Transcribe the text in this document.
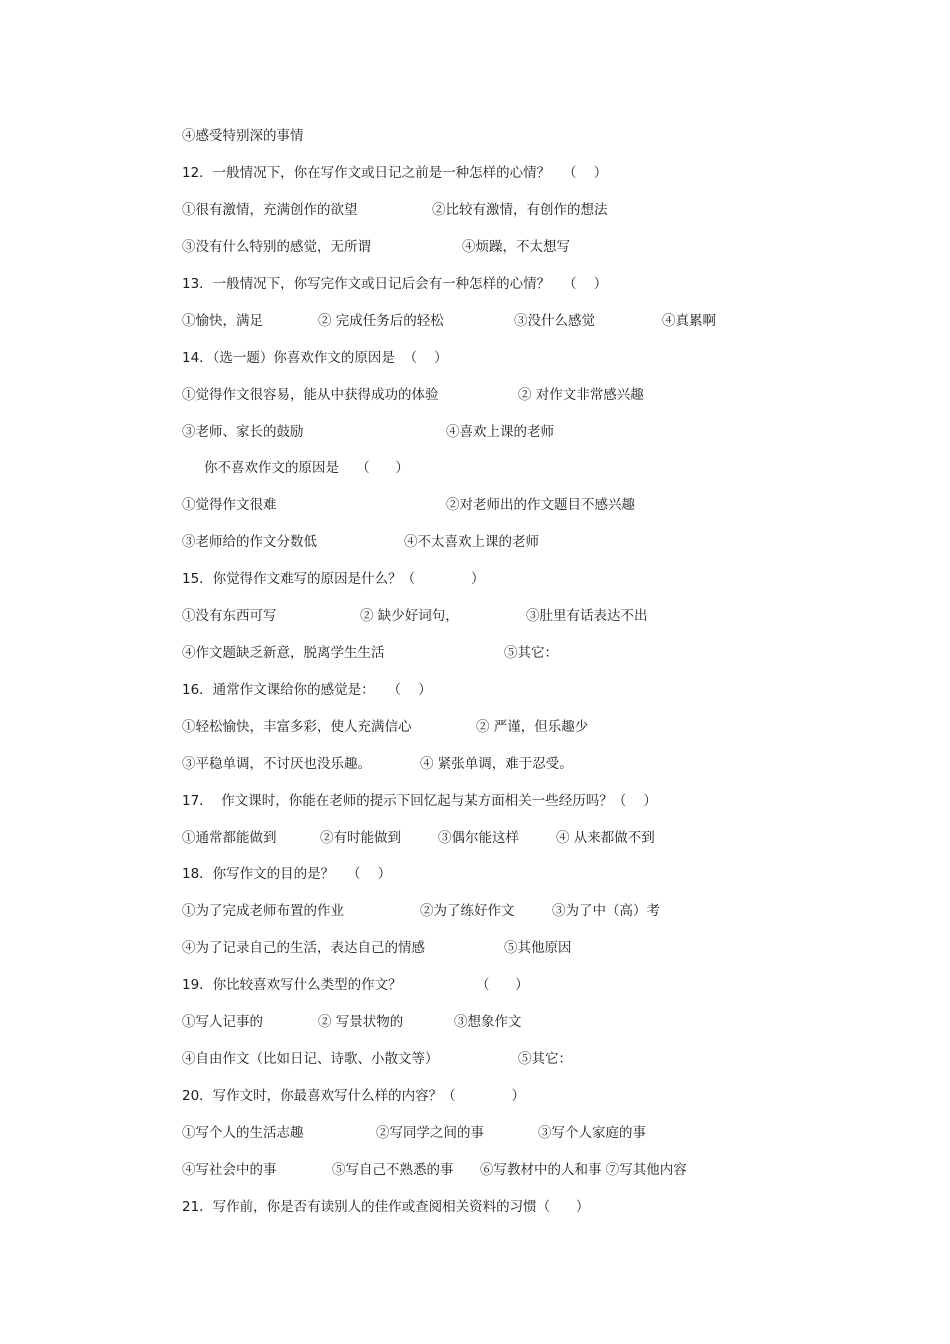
④感受特别深的事情

12．一般情况下，你在写作文或日记之前是一种怎样的心情？   （    ）

①很有激情，充满创作的欲望

	②比较有激情，有创作的想法

③没有什么特别的感觉，无所谓

	④烦躁，不太想写

13．一般情况下，你写完作文或日记后会有一种怎样的心情？   （    ）

①愉快，满足

	② 完成任务后的轻松

	③没什么感觉

	④真累啊

14．（选一题）你喜欢作文的原因是  （    ）

①觉得作文很容易，能从中获得成功的体验

	② 对作文非常感兴趣

③老师、家长的鼓励

	④喜欢上课的老师

你不喜欢作文的原因是    （      ）

①觉得作文很难

	②对老师出的作文题目不感兴趣

③老师给的作文分数低

	④不太喜欢上课的老师

15．你觉得作文难写的原因是什么？（             ）

①没有东西可写

	② 缺少好词句，

	③肚里有话表达不出

④作文题缺乏新意，脱离学生生活

	⑤其它：

16．通常作文课给你的感觉是：   （    ）

①轻松愉快，丰富多彩，使人充满信心

	② 严谨，但乐趣少

③平稳单调，不讨厌也没乐趣。

	④ 紧张单调，难于忍受。

17．  作文课时，你能在老师的提示下回忆起与某方面相关一些经历吗？（    ）

①通常都能做到

	②有时能做到

	③偶尔能这样

	④ 从来都做不到

18．你写作文的目的是？   （    ）

①为了完成老师布置的作业

	②为了练好作文

	③为了中（高）考

④为了记录自己的生活，表达自己的情感

	⑤其他原因

19．你比较喜欢写什么类型的作文？

	（      ）

①写人记事的

	② 写景状物的

	③想象作文

④自由作文（比如日记、诗歌、小散文等）

	⑤其它：

20．写作文时，你最喜欢写什么样的内容？（             ）

①写个人的生活志趣

	②写同学之间的事

	③写个人家庭的事

④写社会中的事

	⑤写自己不熟悉的事

⑥写教材中的人和事 ⑦写其他内容

21．写作前，你是否有读别人的佳作或查阅相关资料的习惯（      ）
